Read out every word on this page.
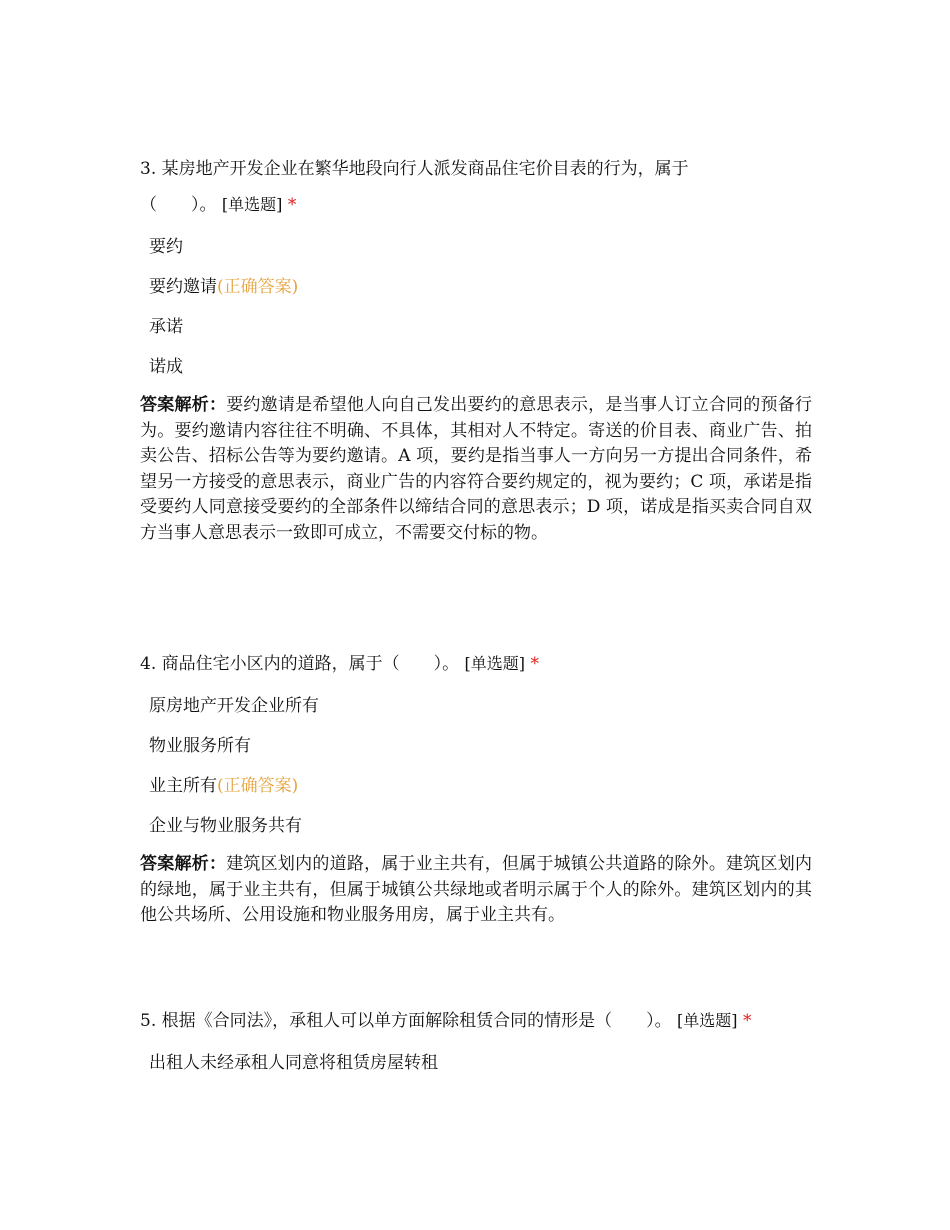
3. 某房地产开发企业在繁华地段向行人派发商品住宅价目表的行为，属于
（　　）。 [单选题] *

要约
要约邀请(正确答案)
承诺
诺成
答案解析：要约邀请是希望他人向自己发出要约的意思表示，是当事人订立合同的预备行为。要约邀请内容往往不明确、不具体，其相对人不特定。寄送的价目表、商业广告、拍卖公告、招标公告等为要约邀请。A 项，要约是指当事人一方向另一方提出合同条件，希望另一方接受的意思表示，商业广告的内容符合要约规定的，视为要约；C 项，承诺是指受要约人同意接受要约的全部条件以缔结合同的意思表示；D 项，诺成是指买卖合同自双方当事人意思表示一致即可成立，不需要交付标的物。

4. 商品住宅小区内的道路，属于（　　）。 [单选题] *

原房地产开发企业所有
物业服务所有
业主所有(正确答案)
企业与物业服务共有
答案解析：建筑区划内的道路，属于业主共有，但属于城镇公共道路的除外。建筑区划内的绿地，属于业主共有，但属于城镇公共绿地或者明示属于个人的除外。建筑区划内的其他公共场所、公用设施和物业服务用房，属于业主共有。

5. 根据《合同法》，承租人可以单方面解除租赁合同的情形是（　　）。 [单选题] *

出租人未经承租人同意将租赁房屋转租
